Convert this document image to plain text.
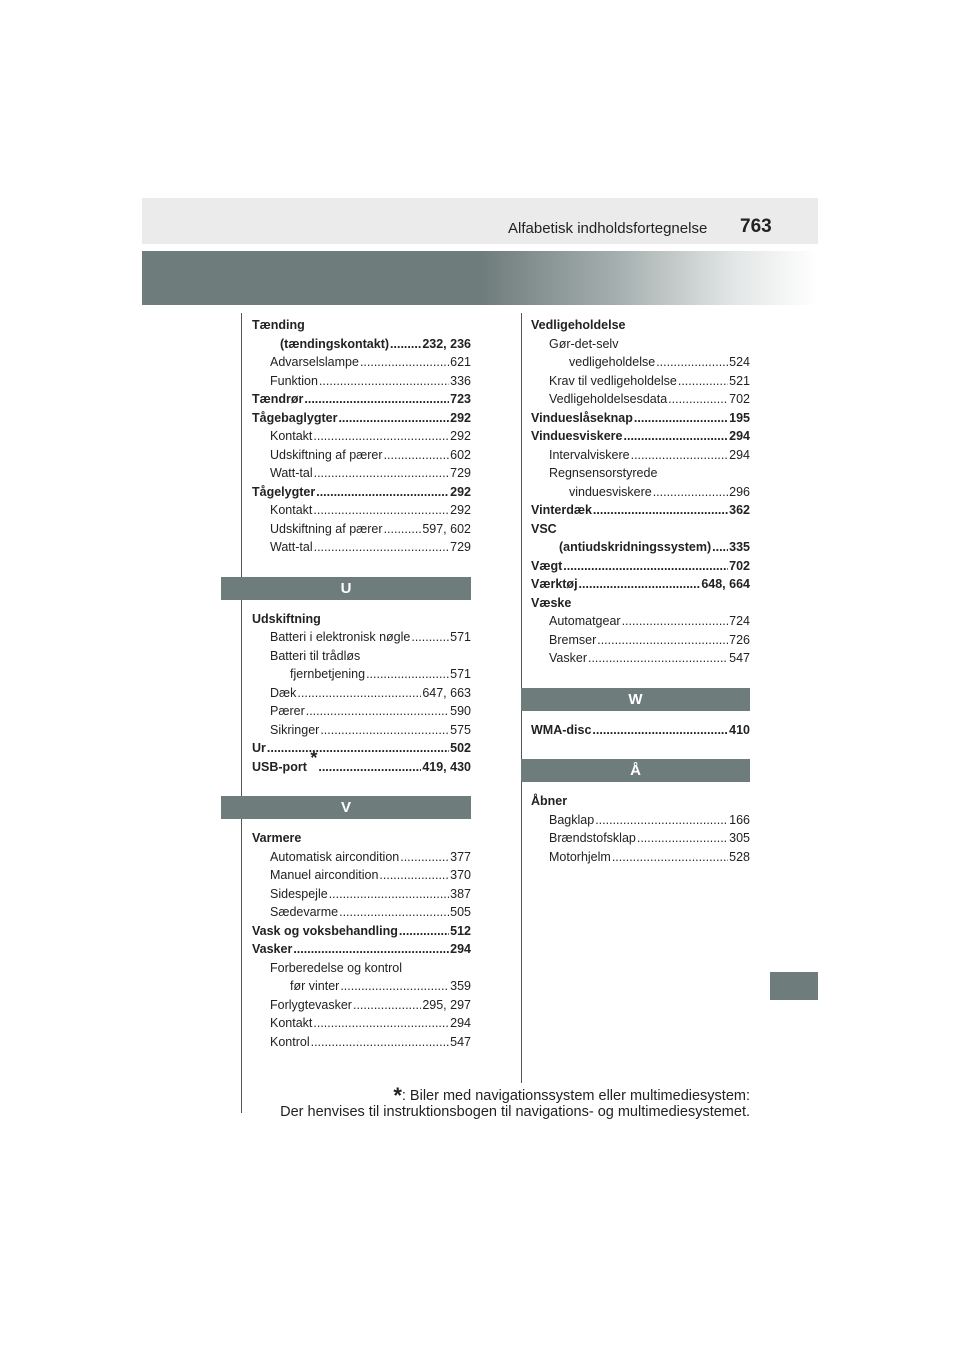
Alfabetisk indholdsfortegnelse 763
Tænding
(tændingskontakt) .....	232, 236
Advarselslampe .....	621
Funktion .....	336
Tændrør .....	723
Tågebaglygter .....	292
Kontakt .....	292
Udskiftning af pærer .....	602
Watt-tal .....	729
Tågelygter .....	292
Kontakt .....	292
Udskiftning af pærer .....	597, 602
Watt-tal .....	729
U
Udskiftning
Batteri i elektronisk nøgle .....	571
Batteri til trådløs
fjernbetjening .....	571
Dæk .....	647, 663
Pærer .....	590
Sikringer .....	575
Ur .....	502
USB-port * .....	419, 430
V
Varmere
Automatisk aircondition .....	377
Manuel aircondition .....	370
Sidespejle .....	387
Sædevarme .....	505
Vask og voksbehandling .....	512
Vasker .....	294
Forberedelse og kontrol
før vinter .....	359
Forlygtevasker .....	295, 297
Kontakt .....	294
Kontrol .....	547
Vedligeholdelse
Gør-det-selv
vedligeholdelse .....	524
Krav til vedligeholdelse .....	521
Vedligeholdelsesdata .....	702
Vindueslåseknap .....	195
Vinduesviskere .....	294
Intervalviskere .....	294
Regnsensorstyrede
vinduesviskere .....	296
Vinterdæk .....	362
VSC
(antiudskridningssystem) ..... 335
Vægt .....	702
Værktøj .....	648, 664
Væske
Automatgear .....	724
Bremser .....	726
Vasker .....	547
W
WMA-disc .....	410
Å
Åbner
Bagklap .....	166
Brændstofsklap .....	305
Motorhjelm .....	528
*: Biler med navigationssystem eller multimediesystem:
Der henvises til instruktionsbogen til navigations- og multimediesystemet.
